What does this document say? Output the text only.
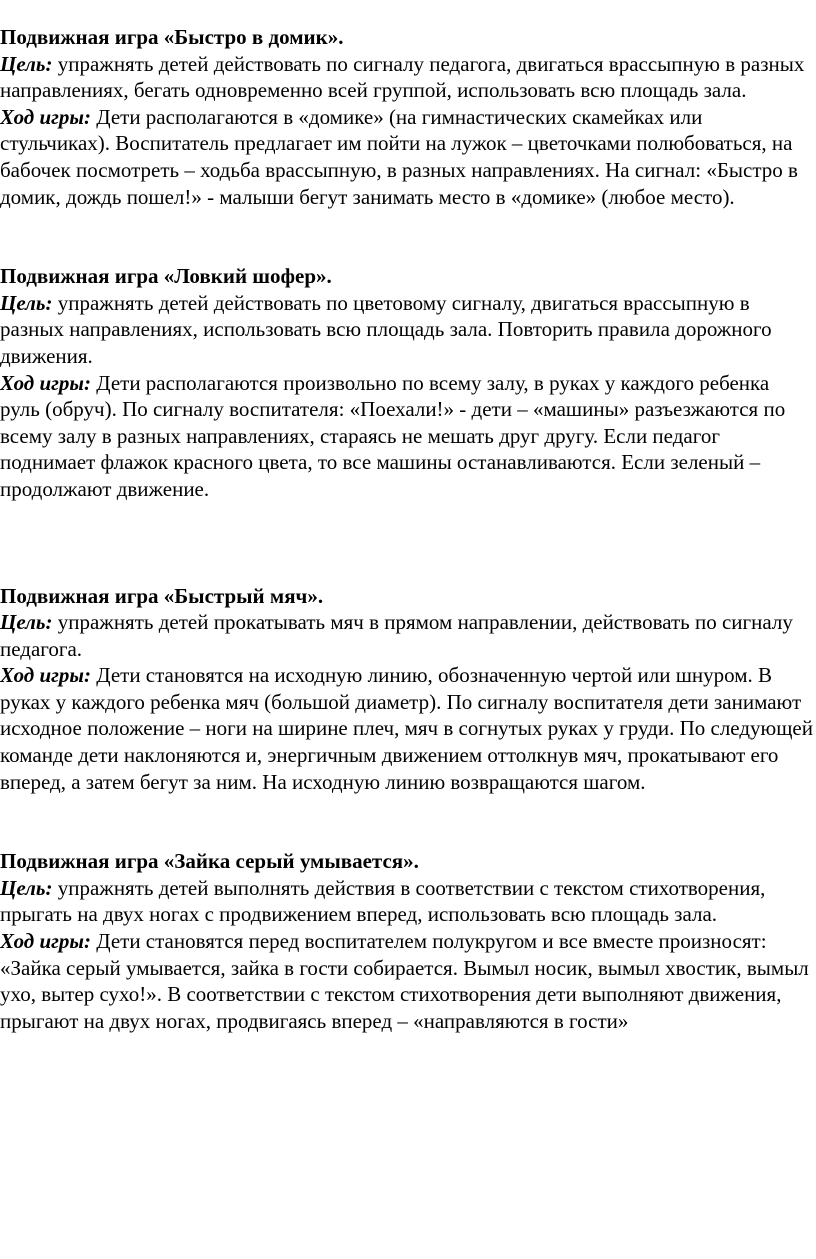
Подвижная игра «Быстро в домик».

Цель: упражнять детей действовать по сигналу педагога, двигаться врассыпную в разных направлениях, бегать одновременно всей группой, использовать всю площадь зала.

Ход игры: Дети располагаются в «домике» (на гимнастических скамейках или стульчиках). Воспитатель предлагает им пойти на лужок – цветочками полюбоваться, на бабочек посмотреть – ходьба врассыпную, в разных направлениях. На сигнал: «Быстро в домик, дождь пошел!» - малыши бегут занимать место в «домике» (любое место).

Подвижная игра «Ловкий шофер».

Цель: упражнять детей действовать по цветовому сигналу, двигаться врассыпную в разных направлениях, использовать всю площадь зала. Повторить правила дорожного движения.

Ход игры: Дети располагаются произвольно по всему залу, в руках у каждого ребенка руль (обруч). По сигналу воспитателя: «Поехали!» - дети – «машины» разъезжаются по всему залу в разных направлениях, стараясь не мешать друг другу. Если педагог поднимает флажок красного цвета, то все машины останавливаются. Если зеленый – продолжают движение.

Подвижная игра «Быстрый мяч».

Цель: упражнять детей прокатывать мяч в прямом направлении, действовать по сигналу педагога.

Ход игры: Дети становятся на исходную линию, обозначенную чертой или шнуром. В руках у каждого ребенка мяч (большой диаметр). По сигналу воспитателя дети занимают исходное положение – ноги на ширине плеч, мяч в согнутых руках у груди. По следующей команде дети наклоняются и, энергичным движением оттолкнув мяч, прокатывают его вперед, а затем бегут за ним. На исходную линию возвращаются шагом.

Подвижная игра «Зайка серый умывается».

Цель: упражнять детей выполнять действия в соответствии с текстом стихотворения, прыгать на двух ногах с продвижением вперед, использовать всю площадь зала.

Ход игры: Дети становятся перед воспитателем полукругом и все вместе произносят: «Зайка серый умывается, зайка в гости собирается. Вымыл носик, вымыл хвостик, вымыл ухо, вытер сухо!». В соответствии с текстом стихотворения дети выполняют движения, прыгают на двух ногах, продвигаясь вперед – «направляются в гости»
